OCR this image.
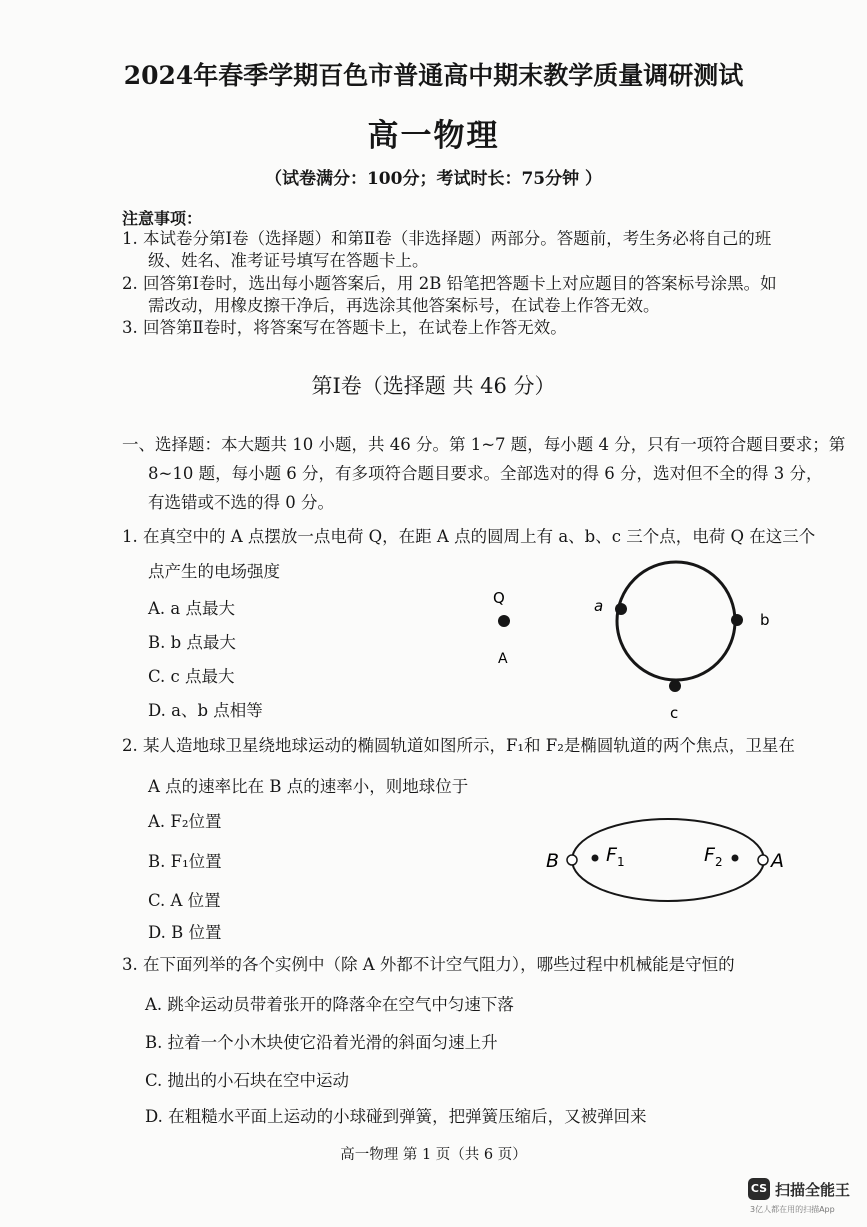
2024年春季学期百色市普通高中期末教学质量调研测试
高一物理
（试卷满分：100分；考试时长：75分钟 ）
注意事项：
1. 本试卷分第Ⅰ卷（选择题）和第Ⅱ卷（非选择题）两部分。答题前，考生务必将自己的班
级、姓名、准考证号填写在答题卡上。
2. 回答第Ⅰ卷时，选出每小题答案后，用 2B 铅笔把答题卡上对应题目的答案标号涂黑。如
需改动，用橡皮擦干净后，再选涂其他答案标号，在试卷上作答无效。
3. 回答第Ⅱ卷时，将答案写在答题卡上，在试卷上作答无效。
第Ⅰ卷（选择题 共 46 分）
一、选择题：本大题共 10 小题，共 46 分。第 1~7 题，每小题 4 分，只有一项符合题目要求；第
8~10 题，每小题 6 分，有多项符合题目要求。全部选对的得 6 分，选对但不全的得 3 分，
有选错或不选的得 0 分。
1. 在真空中的 A 点摆放一点电荷 Q，在距 A 点的圆周上有 a、b、c 三个点，电荷 Q 在这三个
点产生的电场强度
A. a 点最大
B. b 点最大
C. c 点最大
D. a、b 点相等
Q
A
a
b
c
2. 某人造地球卫星绕地球运动的椭圆轨道如图所示，F₁和 F₂是椭圆轨道的两个焦点，卫星在
A 点的速率比在 B 点的速率小，则地球位于
A. F₂位置
B. F₁位置
C. A 位置
D. B 位置
B	A
$F_1$	$F_2$
3. 在下面列举的各个实例中（除 A 外都不计空气阻力），哪些过程中机械能是守恒的
A. 跳伞运动员带着张开的降落伞在空气中匀速下落
B. 拉着一个小木块使它沿着光滑的斜面匀速上升
C. 抛出的小石块在空中运动
D. 在粗糙水平面上运动的小球碰到弹簧，把弹簧压缩后，又被弹回来
高一物理 第 1 页（共 6 页）
CS 扫描全能王
3亿人都在用的扫描App
